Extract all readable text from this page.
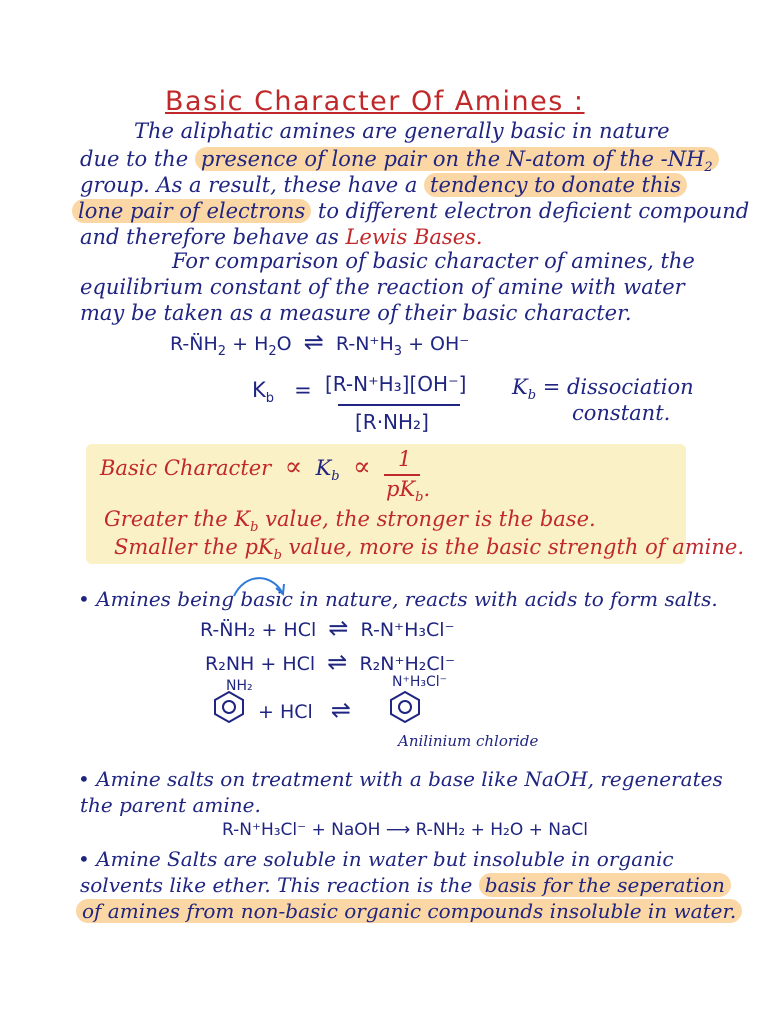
Basic Character Of Amines :
The aliphatic amines are generally basic in nature
due to the presence of lone pair on the N-atom of the $-NH_2$
group. As a result, these have a tendency to donate this
lone pair of electrons to different electron deficient compound
and therefore behave as Lewis Bases.
For comparison of basic character of amines, the
equilibrium constant of the reaction of amine with water
may be taken as a measure of their basic character.
$R-N̈H_2 + H_2O$ ⇌ $R-N^+H_3 + OH^-$
$K_b = [R-N^+H_3][OH^-]$
[R·NH₂]
$K_b$ = dissociation
constant.
Basic Character ∝ $K_b \propto 1$
$pK_b$.
Greater the $K_b$ value, the stronger is the base.
Smaller the $pK_b$ value, more is the basic strength of amine.
• Amines being basic in nature, reacts with acids to form salts.
R-N̈H₂ + HCl ⇌ R-N⁺H₃Cl⁻
R₂NH + HCl ⇌ R₂N⁺H₂Cl⁻
NH₂
+ HCl ⇌
N⁺H₃Cl⁻
Anilinium chloride
• Amine salts on treatment with a base like NaOH, regenerates
the parent amine.
R-N⁺H₃Cl⁻ + NaOH ⟶ R-NH₂ + H₂O + NaCl
• Amine Salts are soluble in water but insoluble in organic
solvents like ether. This reaction is the basis for the seperation
of amines from non-basic organic compounds insoluble in water.
